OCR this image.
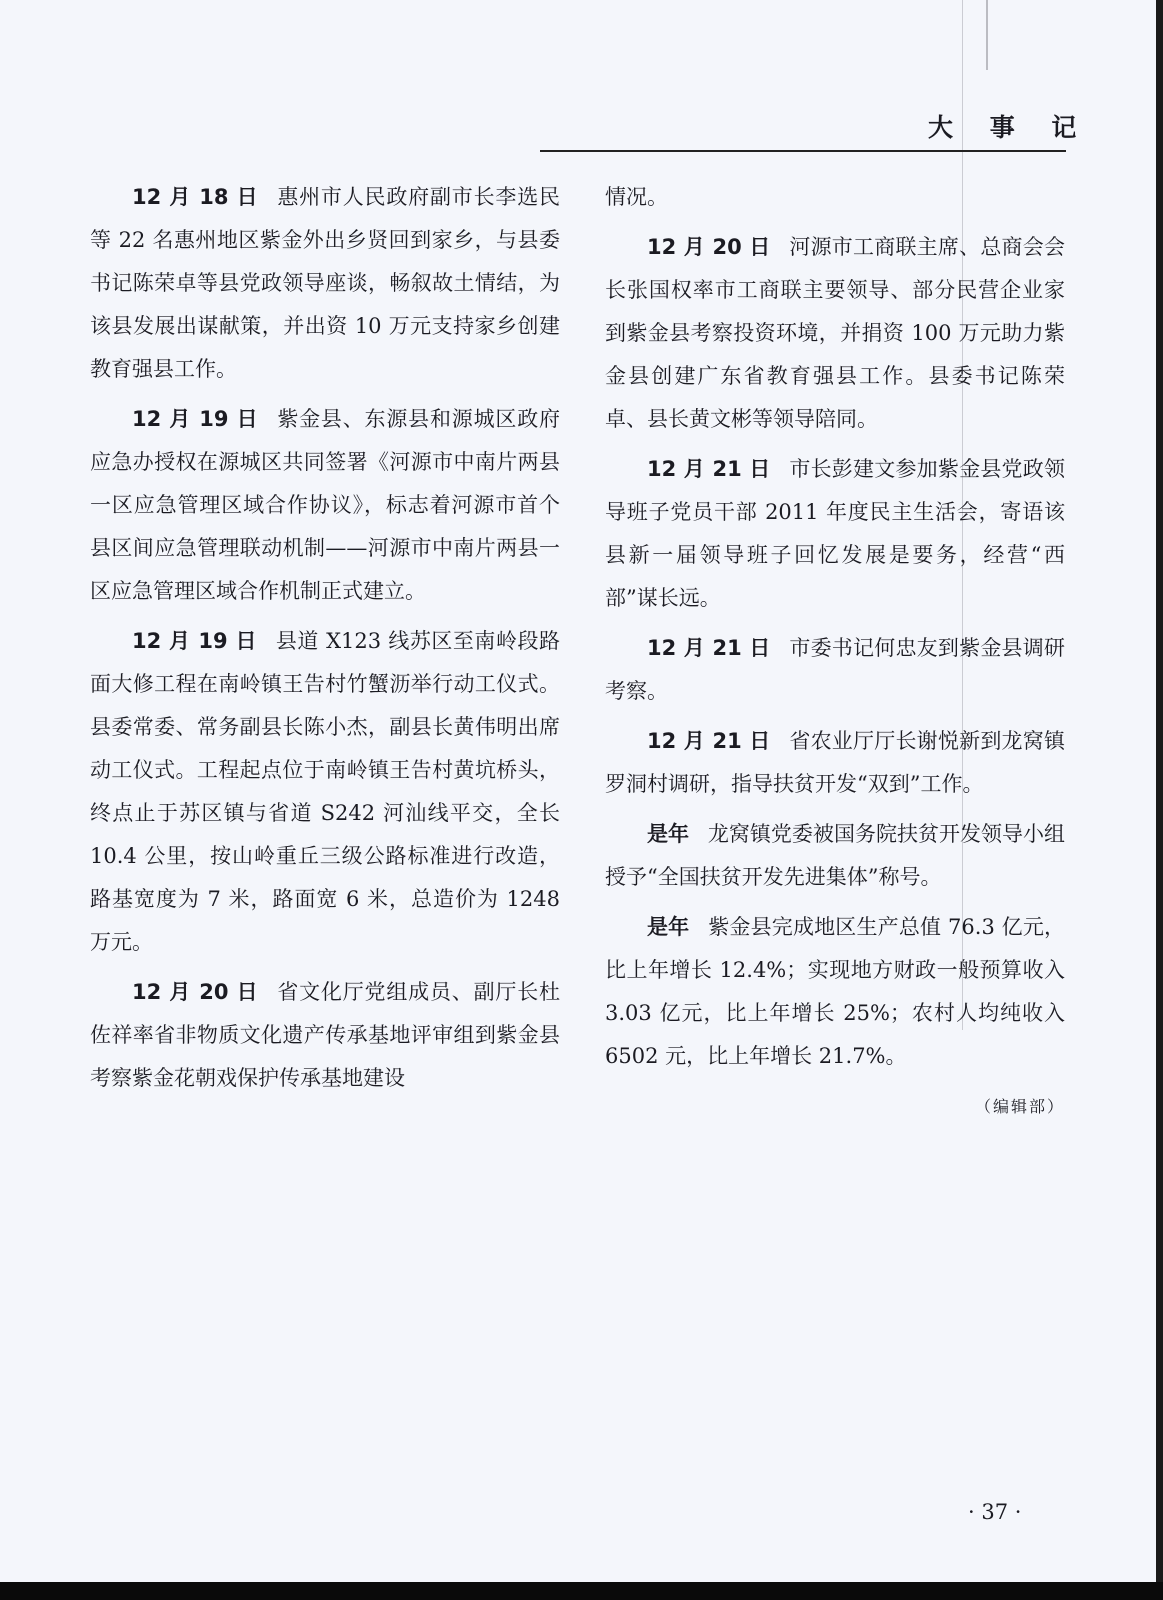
大 事 记

12 月 18 日 惠州市人民政府副市长李选民等 22 名惠州地区紫金外出乡贤回到家乡，与县委书记陈荣卓等县党政领导座谈，畅叙故土情结，为该县发展出谋献策，并出资 10 万元支持家乡创建教育强县工作。

12 月 19 日 紫金县、东源县和源城区政府应急办授权在源城区共同签署《河源市中南片两县一区应急管理区域合作协议》，标志着河源市首个县区间应急管理联动机制——河源市中南片两县一区应急管理区域合作机制正式建立。

12 月 19 日 县道 X123 线苏区至南岭段路面大修工程在南岭镇王告村竹蟹沥举行动工仪式。县委常委、常务副县长陈小杰，副县长黄伟明出席动工仪式。工程起点位于南岭镇王告村黄坑桥头，终点止于苏区镇与省道 S242 河汕线平交，全长 10.4 公里，按山岭重丘三级公路标准进行改造，路基宽度为 7 米，路面宽 6 米，总造价为 1248 万元。

12 月 20 日 省文化厅党组成员、副厅长杜佐祥率省非物质文化遗产传承基地评审组到紫金县考察紫金花朝戏保护传承基地建设

情况。

12 月 20 日 河源市工商联主席、总商会会长张国权率市工商联主要领导、部分民营企业家到紫金县考察投资环境，并捐资 100 万元助力紫金县创建广东省教育强县工作。县委书记陈荣卓、县长黄文彬等领导陪同。

12 月 21 日 市长彭建文参加紫金县党政领导班子党员干部 2011 年度民主生活会，寄语该县新一届领导班子回忆发展是要务，经营“西部”谋长远。

12 月 21 日 市委书记何忠友到紫金县调研考察。

12 月 21 日 省农业厅厅长谢悦新到龙窝镇罗洞村调研，指导扶贫开发“双到”工作。

是年 龙窝镇党委被国务院扶贫开发领导小组授予“全国扶贫开发先进集体”称号。

是年 紫金县完成地区生产总值 76.3 亿元，比上年增长 12.4%；实现地方财政一般预算收入 3.03 亿元，比上年增长 25%；农村人均纯收入 6502 元，比上年增长 21.7%。

（编辑部）
· 37 ·
